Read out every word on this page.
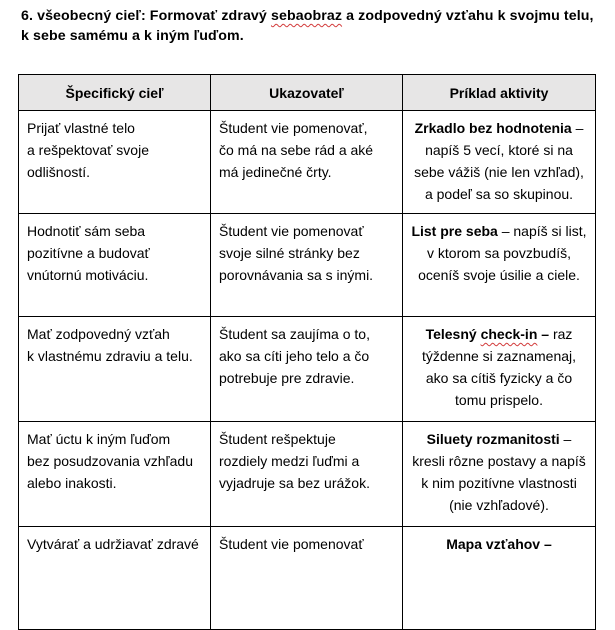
6. všeobecný cieľ: Formovať zdravý sebaobraz a zodpovedný vzťahu k svojmu telu,
k sebe samému a k iným ľuďom.
Špecifický cieľ	Ukazovateľ	Príklad aktivity
Prijať vlastné telo
a rešpektovať svoje
odlišností.	Študent vie pomenovať,
čo má na sebe rád a aké
má jedinečné črty.	Zrkadlo bez hodnotenia – napíš 5 vecí, ktoré si na sebe vážiš (nie len vzhľad), a podeľ sa so skupinou.
Hodnotiť sám seba
pozitívne a budovať
vnútornú motiváciu.	Študent vie pomenovať
svoje silné stránky bez
porovnávania sa s inými.	List pre seba – napíš si list, v ktorom sa povzbudíš, oceníš svoje úsilie a ciele.
Mať zodpovedný vzťah
k vlastnému zdraviu a telu.	Študent sa zaujíma o to,
ako sa cíti jeho telo a čo
potrebuje pre zdravie.	Telesný check-in – raz týždenne si zaznamenaj, ako sa cítiš fyzicky a čo tomu prispelo.
Mať úctu k iným ľuďom
bez posudzovania vzhľadu
alebo inakosti.	Študent rešpektuje
rozdiely medzi ľuďmi a
vyjadruje sa bez urážok.	Siluety rozmanitosti – kresli rôzne postavy a napíš k nim pozitívne vlastnosti (nie vzhľadové).
Vytvárať a udržiavať zdravé	Študent vie pomenovať	Mapa vzťahov –
